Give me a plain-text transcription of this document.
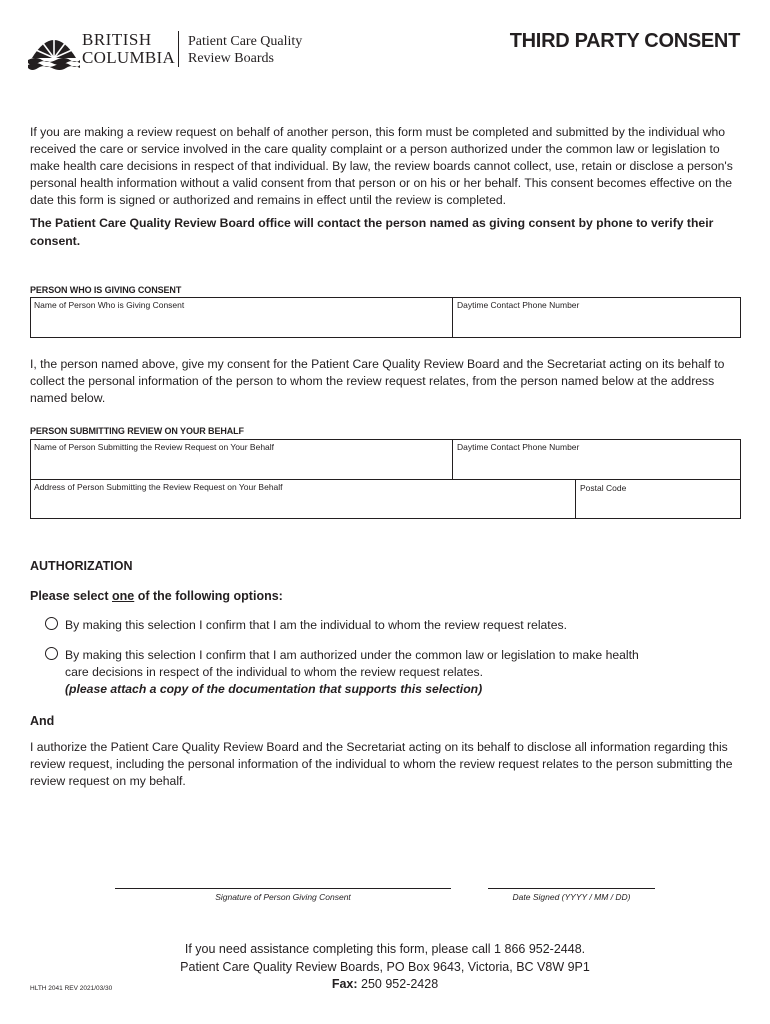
BRITISH
COLUMBIA
Patient Care Quality
Review Boards
THIRD PARTY CONSENT
If you are making a review request on behalf of another person, this form must be completed and submitted by the individual who received the care or service involved in the care quality complaint or a person authorized under the common law or legislation to make health care decisions in respect of that individual. By law, the review boards cannot collect, use, retain or disclose a person's personal health information without a valid consent from that person or on his or her behalf. This consent becomes effective on the date this form is signed or authorized and remains in effect until the review is completed.
The Patient Care Quality Review Board office will contact the person named as giving consent by phone to verify their consent.
PERSON WHO IS GIVING CONSENT
Name of Person Who is Giving Consent	Daytime Contact Phone Number
I, the person named above, give my consent for the Patient Care Quality Review Board and the Secretariat acting on its behalf to collect the personal information of the person to whom the review request relates, from the person named below at the address named below.
PERSON SUBMITTING REVIEW ON YOUR BEHALF
Name of Person Submitting the Review Request on Your Behalf	Daytime Contact Phone Number
Address of Person Submitting the Review Request on Your Behalf	Postal Code
AUTHORIZATION
Please select one of the following options:
By making this selection I confirm that I am the individual to whom the review request relates.
By making this selection I confirm that I am authorized under the common law or legislation to make health care decisions in respect of the individual to whom the review request relates.
(please attach a copy of the documentation that supports this selection)
And
I authorize the Patient Care Quality Review Board and the Secretariat acting on its behalf to disclose all information regarding this review request, including the personal information of the individual to whom the review request relates to the person submitting the review request on my behalf.
Signature of Person Giving Consent	Date Signed (YYYY / MM / DD)
If you need assistance completing this form, please call 1 866 952-2448.
Patient Care Quality Review Boards, PO Box 9643, Victoria, BC V8W 9P1
Fax: 250 952-2428
HLTH 2041 REV 2021/03/30
